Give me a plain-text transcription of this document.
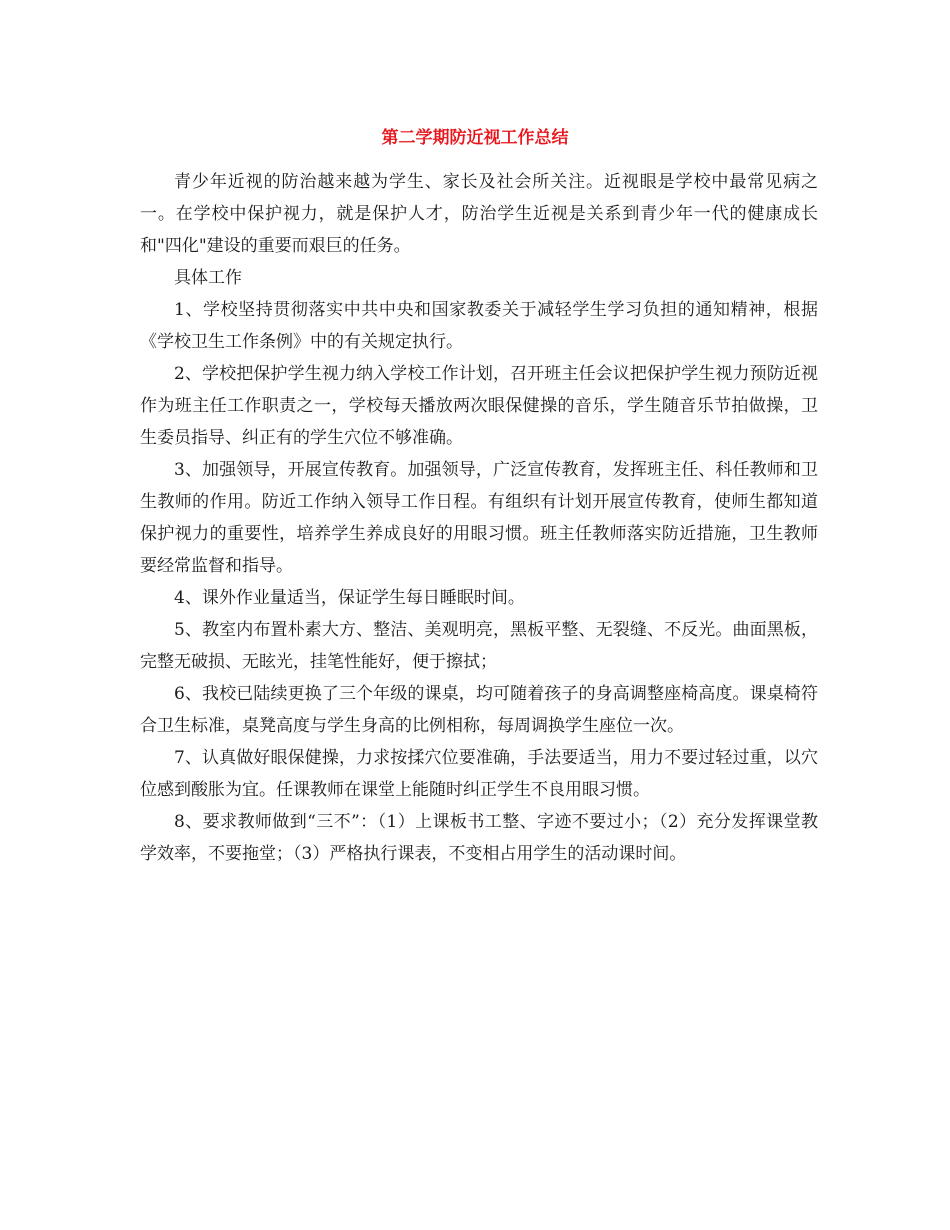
第二学期防近视工作总结

青少年近视的防治越来越为学生、家长及社会所关注。近视眼是学校中最常见病之一。在学校中保护视力，就是保护人才，防治学生近视是关系到青少年一代的健康成长和"四化"建设的重要而艰巨的任务。

具体工作

1、学校坚持贯彻落实中共中央和国家教委关于减轻学生学习负担的通知精神，根据《学校卫生工作条例》中的有关规定执行。

2、学校把保护学生视力纳入学校工作计划，召开班主任会议把保护学生视力预防近视作为班主任工作职责之一，学校每天播放两次眼保健操的音乐，学生随音乐节拍做操，卫生委员指导、纠正有的学生穴位不够准确。

3、加强领导，开展宣传教育。加强领导，广泛宣传教育，发挥班主任、科任教师和卫生教师的作用。防近工作纳入领导工作日程。有组织有计划开展宣传教育，使师生都知道保护视力的重要性，培养学生养成良好的用眼习惯。班主任教师落实防近措施，卫生教师要经常监督和指导。

4、课外作业量适当，保证学生每日睡眠时间。

5、教室内布置朴素大方、整洁、美观明亮，黑板平整、无裂缝、不反光。曲面黑板，完整无破损、无眩光，挂笔性能好，便于擦拭；

6、我校已陆续更换了三个年级的课桌，均可随着孩子的身高调整座椅高度。课桌椅符合卫生标准，桌凳高度与学生身高的比例相称，每周调换学生座位一次。

7、认真做好眼保健操，力求按揉穴位要准确，手法要适当，用力不要过轻过重，以穴位感到酸胀为宜。任课教师在课堂上能随时纠正学生不良用眼习惯。

8、要求教师做到“三不”：（1）上课板书工整、字迹不要过小；（2）充分发挥课堂教学效率，不要拖堂；（3）严格执行课表，不变相占用学生的活动课时间。
